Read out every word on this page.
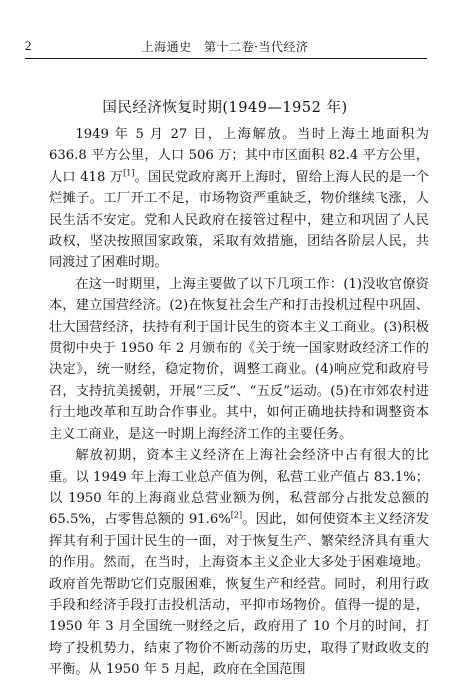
2	上海通史　第十二卷·当代经济
国民经济恢复时期(1949—1952 年)

1949 年 5 月 27 日，上海解放。当时上海土地面积为 636.8 平方公里，人口 506 万；其中市区面积 82.4 平方公里，人口 418 万[1]。国民党政府离开上海时，留给上海人民的是一个烂摊子。工厂开工不足，市场物资严重缺乏，物价继续飞涨，人民生活不安定。党和人民政府在接管过程中，建立和巩固了人民政权，坚决按照国家政策，采取有效措施，团结各阶层人民，共同渡过了困难时期。

在这一时期里，上海主要做了以下几项工作：(1)没收官僚资本，建立国营经济。(2)在恢复社会生产和打击投机过程中巩固、壮大国营经济，扶持有利于国计民生的资本主义工商业。(3)积极贯彻中央于 1950 年 2 月颁布的《关于统一国家财政经济工作的决定》，统一财经，稳定物价，调整工商业。(4)响应党和政府号召，支持抗美援朝，开展“三反”、“五反”运动。(5)在市郊农村进行土地改革和互助合作事业。其中，如何正确地扶持和调整资本主义工商业，是这一时期上海经济工作的主要任务。

解放初期，资本主义经济在上海社会经济中占有很大的比重。以 1949 年上海工业总产值为例，私营工业产值占 83.1%；以 1950 年的上海商业总营业额为例，私营部分占批发总额的 65.5%，占零售总额的 91.6%[2]。因此，如何使资本主义经济发挥其有利于国计民生的一面，对于恢复生产、繁荣经济具有重大的作用。然而，在当时，上海资本主义企业大多处于困难境地。政府首先帮助它们克服困难，恢复生产和经营。同时，利用行政手段和经济手段打击投机活动，平抑市场物价。值得一提的是，1950 年 3 月全国统一财经之后，政府用了 10 个月的时间，打垮了投机势力，结束了物价不断动荡的历史，取得了财政收支的平衡。从 1950 年 5 月起，政府在全国范围
